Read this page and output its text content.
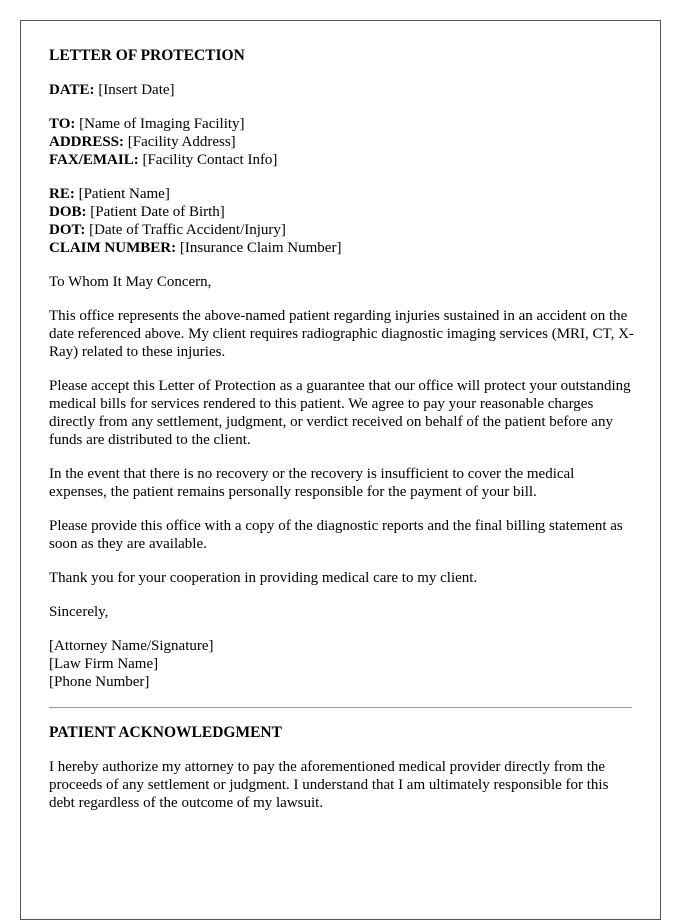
LETTER OF PROTECTION
DATE: [Insert Date]
TO: [Name of Imaging Facility]
ADDRESS: [Facility Address]
FAX/EMAIL: [Facility Contact Info]
RE: [Patient Name]
DOB: [Patient Date of Birth]
DOT: [Date of Traffic Accident/Injury]
CLAIM NUMBER: [Insurance Claim Number]

To Whom It May Concern,

This office represents the above-named patient regarding injuries sustained in an accident on the date referenced above. My client requires radiographic diagnostic imaging services (MRI, CT, X-Ray) related to these injuries.

Please accept this Letter of Protection as a guarantee that our office will protect your outstanding medical bills for services rendered to this patient. We agree to pay your reasonable charges directly from any settlement, judgment, or verdict received on behalf of the patient before any funds are distributed to the client.

In the event that there is no recovery or the recovery is insufficient to cover the medical expenses, the patient remains personally responsible for the payment of your bill.

Please provide this office with a copy of the diagnostic reports and the final billing statement as soon as they are available.

Thank you for your cooperation in providing medical care to my client.

Sincerely,

[Attorney Name/Signature]
[Law Firm Name]
[Phone Number]
PATIENT ACKNOWLEDGMENT

I hereby authorize my attorney to pay the aforementioned medical provider directly from the proceeds of any settlement or judgment. I understand that I am ultimately responsible for this debt regardless of the outcome of my lawsuit.
